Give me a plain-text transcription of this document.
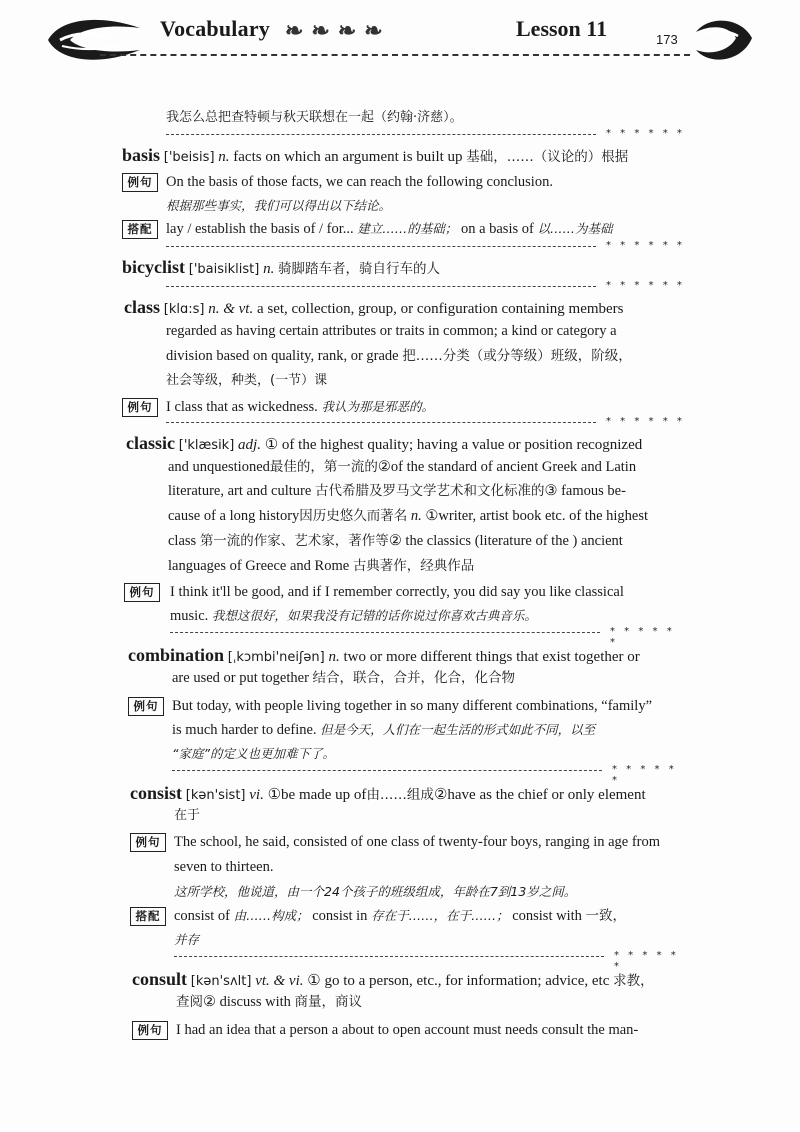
Vocabulary ❧❧❧❧	Lesson 11	173
我怎么总把查特顿与秋天联想在一起（约翰·济慈）。
* * * * * *
basis ['beisis] n. facts on which an argument is built up 基础，……（议论的）根据
例句 On the basis of those facts, we can reach the following conclusion.
根据那些事实，我们可以得出以下结论。
搭配 lay / establish the basis of / for... 建立……的基础； on a basis of 以……为基础
* * * * * *
bicyclist ['baisiklist] n. 骑脚踏车者，骑自行车的人
* * * * * *
class [klɑ:s] n. & vt. a set, collection, group, or configuration containing members
regarded as having certain attributes or traits in common; a kind or category a
division based on quality, rank, or grade 把……分类（或分等级）班级，阶级，
社会等级，种类，(一节）课
例句 I class that as wickedness. 我认为那是邪恶的。
* * * * * *
classic ['klæsik] adj. ① of the highest quality; having a value or position recognized
and unquestioned最佳的，第一流的②of the standard of ancient Greek and Latin
literature, art and culture 古代希腊及罗马文学艺术和文化标准的③ famous be-
cause of a long history因历史悠久而著名 n. ①writer, artist book etc. of the highest
class 第一流的作家、艺术家，著作等② the classics (literature of the ) ancient
languages of Greece and Rome 古典著作，经典作品
例句	I think it'll be good, and if I remember correctly, you did say you like classical
music. 我想这很好，如果我没有记错的话你说过你喜欢古典音乐。
* * * * * *
combination [ˌkɔmbi'neiʃən] n. two or more different things that exist together or
are used or put together 结合，联合，合并，化合，化合物
例句 But today, with people living together in so many different combinations, “family”
is much harder to define. 但是今天，人们在一起生活的形式如此不同，以至
“家庭”的定义也更加难下了。
* * * * * *
consist [kən'sist] vi. ①be made up of由……组成②have as the chief or only element
在于
例句 The school, he said, consisted of one class of twenty-four boys, ranging in age from
seven to thirteen.
这所学校，他说道，由一个24个孩子的班级组成，年龄在7到13岁之间。
搭配 consist of 由……构成； consist in 存在于……，在于……； consist with 一致，
并存
* * * * * *
consult [kən'sʌlt] vt. & vi. ① go to a person, etc., for information; advice, etc 求教，
查阅② discuss with 商量，商议
例句 I had an idea that a person a about to open account must needs consult the man-
